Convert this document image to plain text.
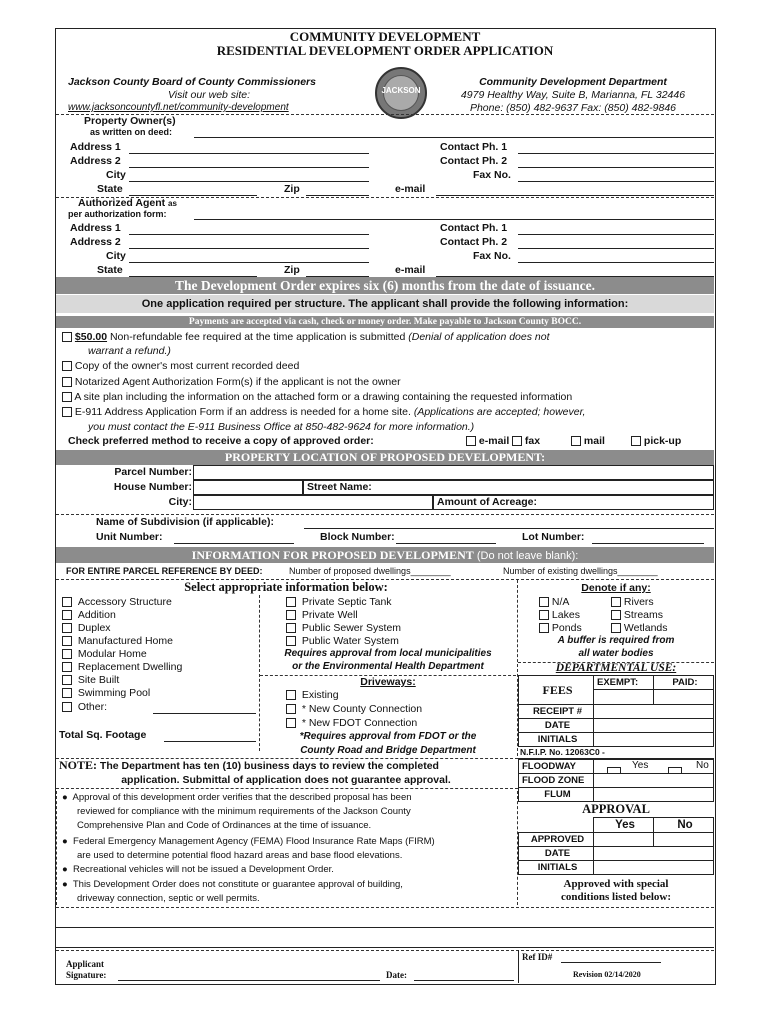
COMMUNITY DEVELOPMENT
RESIDENTIAL DEVELOPMENT ORDER APPLICATION
Jackson County Board of County Commissioners
Visit our web site:
www.jacksoncountyfl.net/community-development
JACKSON
Community Development Department
4979 Healthy Way, Suite B, Marianna, FL 32446
Phone: (850) 482-9637 Fax: (850) 482-9846
Property Owner(s)
as written on deed:
Address 1	Contact Ph. 1
Address 2	Contact Ph. 2
City	Fax No.
State	Zip	e-mail
Authorized Agent as
per authorization form:
Address 1	Contact Ph. 1
Address 2	Contact Ph. 2
City	Fax No.
State	Zip	e-mail
The Development Order expires six (6) months from the date of issuance.
One application required per structure. The applicant shall provide the following information:
Payments are accepted via cash, check or money order. Make payable to Jackson County BOCC.
$50.00 Non-refundable fee required at the time application is submitted (Denial of application does not
warrant a refund.)
Copy of the owner's most current recorded deed
Notarized Agent Authorization Form(s) if the applicant is not the owner
A site plan including the information on the attached form or a drawing containing the requested information
E-911 Address Application Form if an address is needed for a home site. (Applications are accepted; however,
you must contact the E-911 Business Office at 850-482-9624 for more information.)
Check preferred method to receive a copy of approved order:	e-mail	fax	mail	pick-up
PROPERTY LOCATION OF PROPOSED DEVELOPMENT:
Parcel Number:
House Number:	Street Name:
City:	Amount of Acreage:
Name of Subdivision (if applicable):
Unit Number:	Block Number:	Lot Number:
INFORMATION FOR PROPOSED DEVELOPMENT (Do not leave blank):
FOR ENTIRE PARCEL REFERENCE BY DEED:	Number of proposed dwellings________	Number of existing dwellings________
Select appropriate information below:	Denote if any:
Accessory Structure
Addition
Duplex
Manufactured Home
Modular Home
Replacement Dwelling
Site Built
Swimming Pool
Other:
Total Sq. Footage
Private Septic Tank
Private Well
Public Sewer System
Public Water System
Requires approval from local municipalities
or the Environmental Health Department
Driveways:
Existing
* New County Connection
* New FDOT Connection
*Requires approval from FDOT or the
County Road and Bridge Department
N/A	Rivers
Lakes	Streams
Ponds	Wetlands
A buffer is required from
all water bodies
DEPARTMENTAL USE:
FEES
EXEMPT:	PAID:
RECEIPT #
DATE
INITIALS
N.F.I.P. No. 12063C0 -
FLOODWAY	Yes	No
FLOOD ZONE
FLUM
APPROVAL
Yes	No
APPROVED
DATE
INITIALS
Approved with special
conditions listed below:
NOTE: The Department has ten (10) business days to review the completed
application. Submittal of application does not guarantee approval.
●  Approval of this development order verifies that the described proposal has been
reviewed for compliance with the minimum requirements of the Jackson County
Comprehensive Plan and Code of Ordinances at the time of issuance.
●  Federal Emergency Management Agency (FEMA) Flood Insurance Rate Maps (FIRM)
are used to determine potential flood hazard areas and base flood elevations.
●  Recreational vehicles will not be issued a Development Order.
●  This Development Order does not constitute or guarantee approval of building,
driveway connection, septic or well permits.
Applicant
Signature:	Date:
Ref ID#
Revision 02/14/2020
